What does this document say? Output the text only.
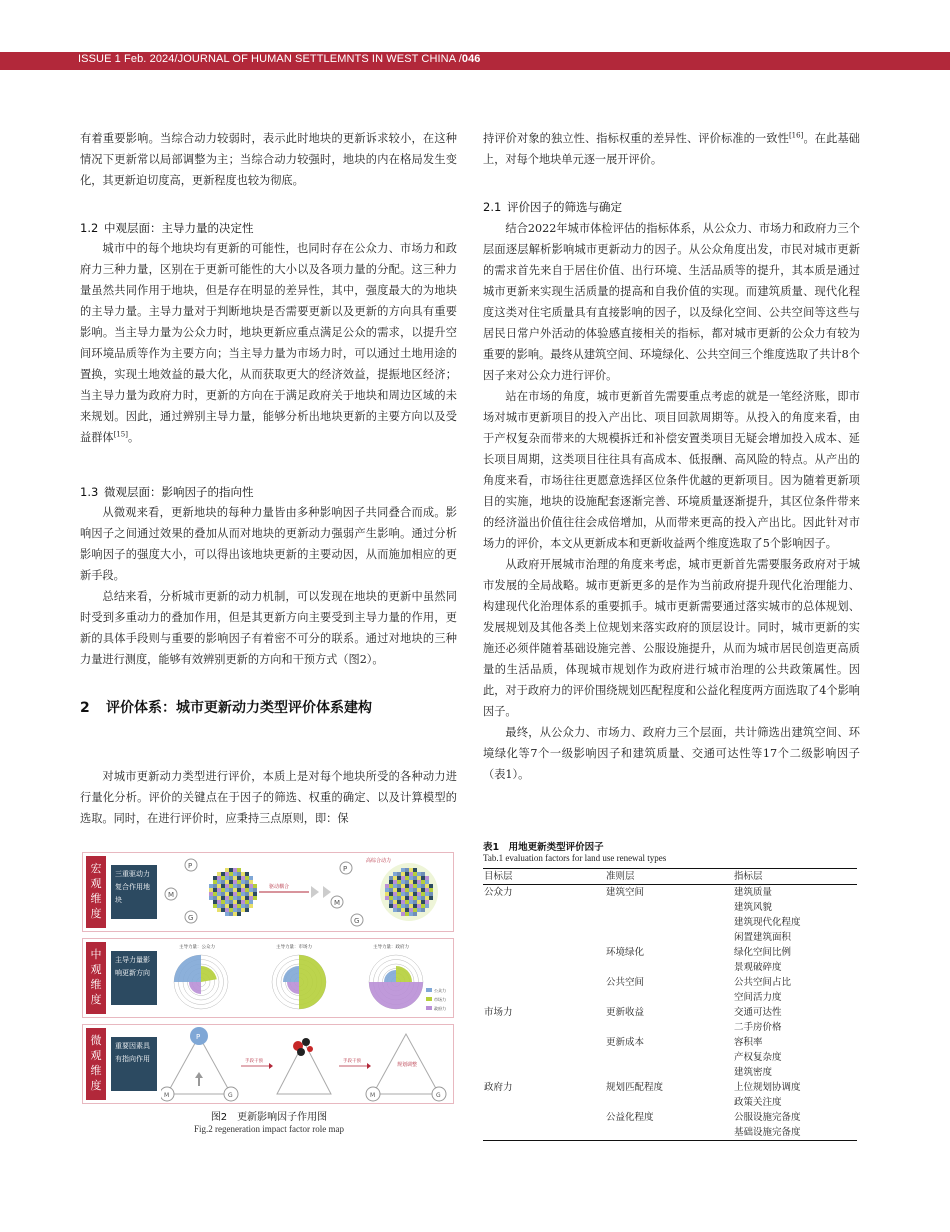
ISSUE 1 Feb. 2024/JOURNAL OF HUMAN SETTLEMNTS IN WEST CHINA /046

有着重要影响。当综合动力较弱时，表示此时地块的更新诉求较小，在这种情况下更新常以局部调整为主；当综合动力较强时，地块的内在格局发生变化，其更新迫切度高，更新程度也较为彻底。

1.2 中观层面：主导力量的决定性

城市中的每个地块均有更新的可能性，也同时存在公众力、市场力和政府力三种力量，区别在于更新可能性的大小以及各项力量的分配。这三种力量虽然共同作用于地块，但是存在明显的差异性，其中，强度最大的为地块的主导力量。主导力量对于判断地块是否需要更新以及更新的方向具有重要影响。当主导力量为公众力时，地块更新应重点满足公众的需求，以提升空间环境品质等作为主要方向；当主导力量为市场力时，可以通过土地用途的置换，实现土地效益的最大化，从而获取更大的经济效益，提振地区经济；当主导力量为政府力时，更新的方向在于满足政府关于地块和周边区域的未来规划。因此，通过辨别主导力量，能够分析出地块更新的主要方向以及受益群体[15]。

1.3 微观层面：影响因子的指向性

从微观来看，更新地块的每种力量皆由多种影响因子共同叠合而成。影响因子之间通过效果的叠加从而对地块的更新动力强弱产生影响。通过分析影响因子的强度大小，可以得出该地块更新的主要动因，从而施加相应的更新手段。

总结来看，分析城市更新的动力机制，可以发现在地块的更新中虽然同时受到多重动力的叠加作用，但是其更新方向主要受到主导力量的作用，更新的具体手段则与重要的影响因子有着密不可分的联系。通过对地块的三种力量进行测度，能够有效辨别更新的方向和干预方式（图2）。

2 评价体系：城市更新动力类型评价体系建构

对城市更新动力类型进行评价，本质上是对每个地块所受的各种动力进行量化分析。评价的关键点在于因子的筛选、权重的确定、以及计算模型的选取。同时，在进行评价时，应秉持三点原则，即：保

宏观维度
三重驱动力复合作用地块
P
M
G
驱动耦合
P
M
G
高综合动力
中观维度
主导力量影响更新方向
主导力量：公众力	主导力量：市场力	主导力量：政府力
公众力
市场力
政府力
微观维度
重要因素具有指向作用
P
M	G
手段干预	手段干预
M	G
规划调整
图2　更新影响因子作用图
Fig.2 regeneration impact factor role map

持评价对象的独立性、指标权重的差异性、评价标准的一致性[16]。在此基础上，对每个地块单元逐一展开评价。

2.1 评价因子的筛选与确定

结合2022年城市体检评估的指标体系，从公众力、市场力和政府力三个层面逐层解析影响城市更新动力的因子。从公众角度出发，市民对城市更新的需求首先来自于居住价值、出行环境、生活品质等的提升，其本质是通过城市更新来实现生活质量的提高和自我价值的实现。而建筑质量、现代化程度这类对住宅质量具有直接影响的因子，以及绿化空间、公共空间等这些与居民日常户外活动的体验感直接相关的指标，都对城市更新的公众力有较为重要的影响。最终从建筑空间、环境绿化、公共空间三个维度选取了共计8个因子来对公众力进行评价。

站在市场的角度，城市更新首先需要重点考虑的就是一笔经济账，即市场对城市更新项目的投入产出比、项目回款周期等。从投入的角度来看，由于产权复杂而带来的大规模拆迁和补偿安置类项目无疑会增加投入成本、延长项目周期，这类项目往往具有高成本、低报酬、高风险的特点。从产出的角度来看，市场往往更愿意选择区位条件优越的更新项目。因为随着更新项目的实施，地块的设施配套逐渐完善、环境质量逐渐提升，其区位条件带来的经济溢出价值往往会成倍增加，从而带来更高的投入产出比。因此针对市场力的评价，本文从更新成本和更新收益两个维度选取了5个影响因子。

从政府开展城市治理的角度来考虑，城市更新首先需要服务政府对于城市发展的全局战略。城市更新更多的是作为当前政府提升现代化治理能力、构建现代化治理体系的重要抓手。城市更新需要通过落实城市的总体规划、发展规划及其他各类上位规划来落实政府的顶层设计。同时，城市更新的实施还必须伴随着基础设施完善、公服设施提升，从而为城市居民创造更高质量的生活品质，体现城市规划作为政府进行城市治理的公共政策属性。因此，对于政府力的评价围绕规划匹配程度和公益化程度两方面选取了4个影响因子。

最终，从公众力、市场力、政府力三个层面，共计筛选出建筑空间、环境绿化等7个一级影响因子和建筑质量、交通可达性等17个二级影响因子（表1）。

表1　用地更新类型评价因子
Tab.1 evaluation factors for land use renewal types
目标层	准则层	指标层
公众力	建筑空间	建筑质量
		建筑风貌
		建筑现代化程度
		闲置建筑面积
	环境绿化	绿化空间比例
		景观破碎度
	公共空间	公共空间占比
		空间活力度
市场力	更新收益	交通可达性
		二手房价格
	更新成本	容积率
		产权复杂度
		建筑密度
政府力	规划匹配程度	上位规划协调度
		政策关注度
	公益化程度	公服设施完备度
		基础设施完备度
